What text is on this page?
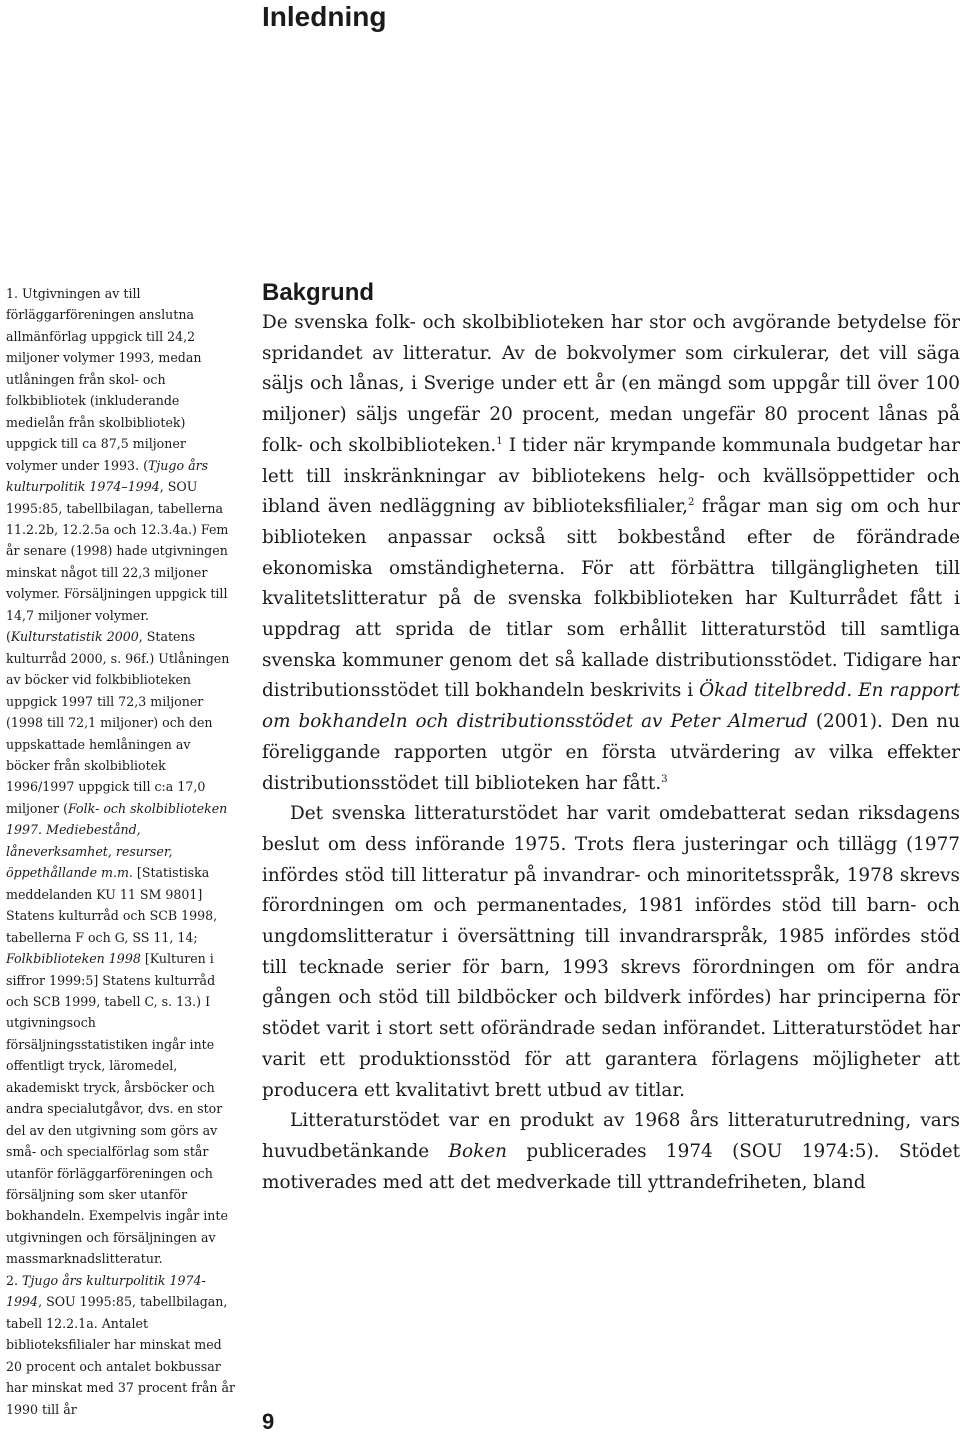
Inledning

1. Utgivningen av till förläggarföreningen anslutna allmänförlag uppgick till 24,2 miljoner volymer 1993, medan utlåningen från skol- och folkbibliotek (inkluderande medielån från skolbibliotek) uppgick till ca 87,5 miljoner volymer under 1993. (Tjugo års kulturpolitik 1974–1994, SOU 1995:85, tabellbilagan, tabellerna 11.2.2b, 12.2.5a och 12.3.4a.) Fem år senare (1998) hade utgivningen minskat något till 22,3 miljoner volymer. Försäljningen uppgick till 14,7 miljoner volymer. (Kulturstatistik 2000, Statens kulturråd 2000, s. 96f.) Utlåningen av böcker vid folkbiblioteken uppgick 1997 till 72,3 miljoner (1998 till 72,1 miljoner) och den uppskattade hemlåningen av böcker från skolbibliotek 1996/1997 uppgick till c:a 17,0 miljoner (Folk- och skolbiblioteken 1997. Mediebestånd, låneverksamhet, resurser, öppethållande m.m. [Statistiska meddelanden KU 11 SM 9801] Statens kulturråd och SCB 1998, tabellerna F och G, SS 11, 14; Folkbiblioteken 1998 [Kulturen i siffror 1999:5] Statens kulturråd och SCB 1999, tabell C, s. 13.) I utgivningsoch försäljningsstatistiken ingår inte offentligt tryck, läromedel, akademiskt tryck, årsböcker och andra specialutgåvor, dvs. en stor del av den utgivning som görs av små- och specialförlag som står utanför förläggarföreningen och försäljning som sker utanför bokhandeln. Exempelvis ingår inte utgivningen och försäljningen av massmarknadslitteratur.

2. Tjugo års kulturpolitik 1974-1994, SOU 1995:85, tabellbilagan, tabell 12.2.1a. Antalet biblioteksfilialer har minskat med 20 procent och antalet bokbussar har minskat med 37 procent från år 1990 till år

Bakgrund

De svenska folk- och skolbiblioteken har stor och avgörande betydelse för spridandet av litteratur. Av de bokvolymer som cirkulerar, det vill säga säljs och lånas, i Sverige under ett år (en mängd som uppgår till över 100 miljoner) säljs ungefär 20 procent, medan ungefär 80 procent lånas på folk- och skolbiblioteken.$^1$ I tider när krympande kommunala budgetar har lett till inskränkningar av bibliotekens helg- och kvällsöppettider och ibland även nedläggning av biblioteksfilialer,$^2$ frågar man sig om och hur biblioteken anpassar också sitt bokbestånd efter de förändrade ekonomiska omständigheterna. För att förbättra tillgängligheten till kvalitetslitteratur på de svenska folkbiblioteken har Kulturrådet fått i uppdrag att sprida de titlar som erhållit litteraturstöd till samtliga svenska kommuner genom det så kallade distributionsstödet. Tidigare har distributionsstödet till bokhandeln beskrivits i Ökad titelbredd. En rapport om bokhandeln och distributionsstödet av Peter Almerud (2001). Den nu föreliggande rapporten utgör en första utvärdering av vilka effekter distributionsstödet till biblioteken har fått.$^3$

Det svenska litteraturstödet har varit omdebatterat sedan riksdagens beslut om dess införande 1975. Trots flera justeringar och tillägg (1977 infördes stöd till litteratur på invandrar- och minoritetsspråk, 1978 skrevs förordningen om och permanentades, 1981 infördes stöd till barn- och ungdomslitteratur i översättning till invandrarspråk, 1985 infördes stöd till tecknade serier för barn, 1993 skrevs förordningen om för andra gången och stöd till bildböcker och bildverk infördes) har principerna för stödet varit i stort sett oförändrade sedan införandet. Litteraturstödet har varit ett produktionsstöd för att garantera förlagens möjligheter att producera ett kvalitativt brett utbud av titlar.

Litteraturstödet var en produkt av 1968 års litteraturutredning, vars huvudbetänkande Boken publicerades 1974 (SOU 1974:5). Stödet motiverades med att det medverkade till yttrandefriheten, bland

9
